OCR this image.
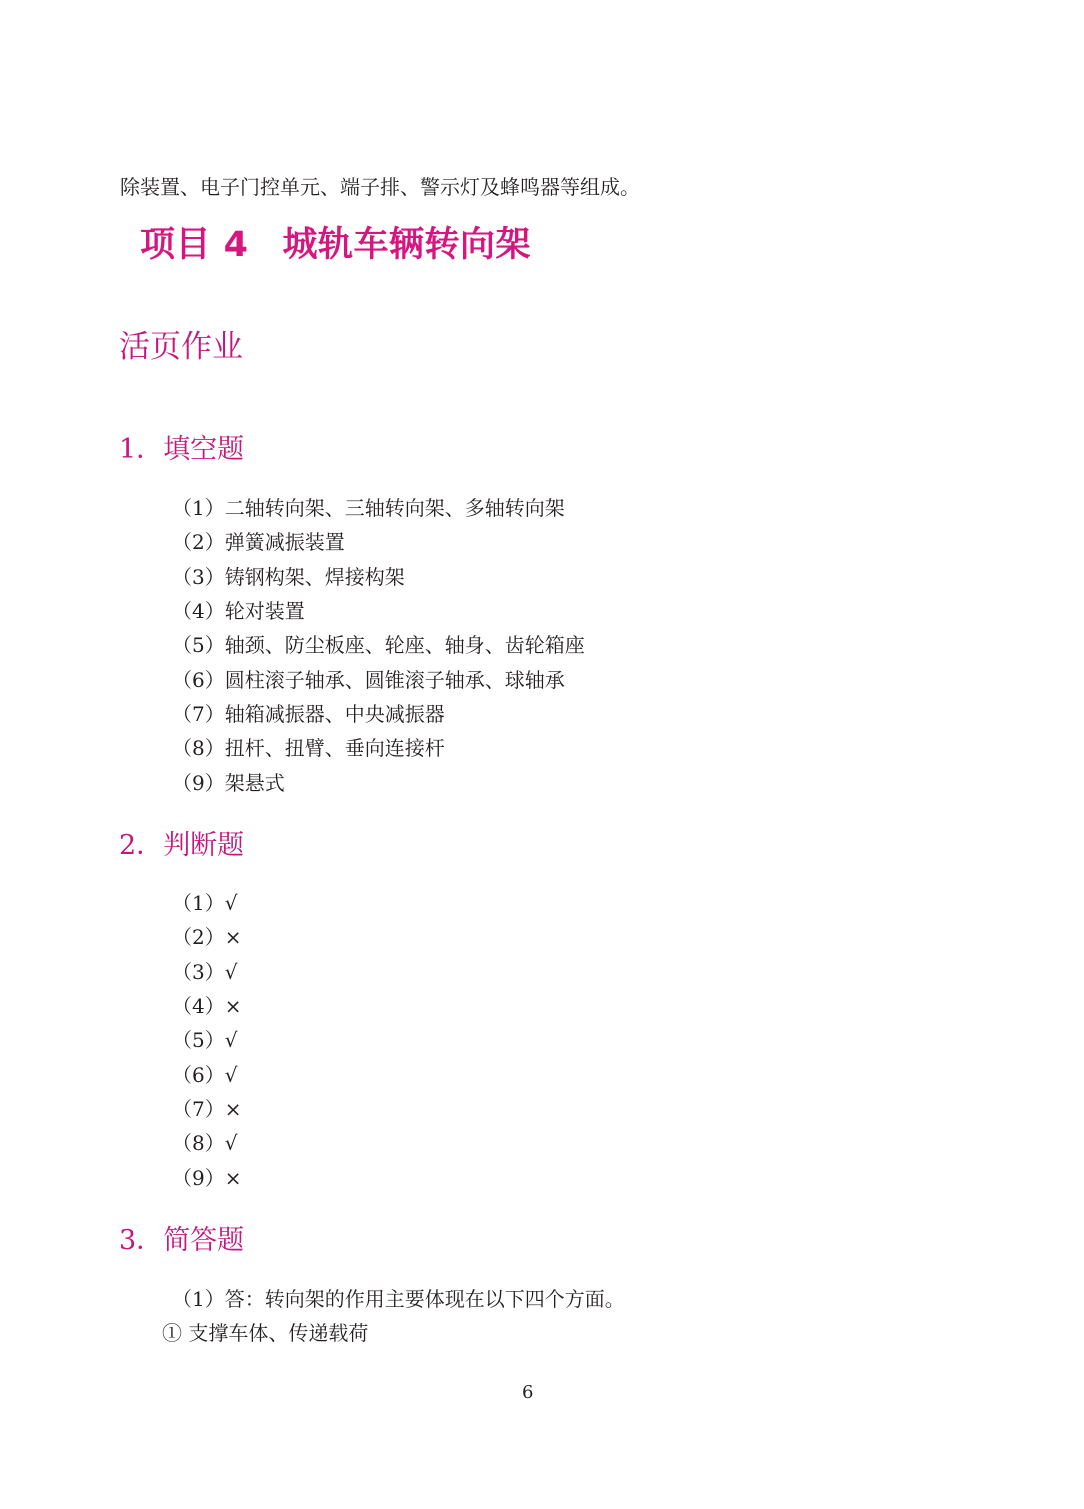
除装置、电子门控单元、端子排、警示灯及蜂鸣器等组成。
项目 4 城轨车辆转向架
活页作业
1．填空题
（1）二轴转向架、三轴转向架、多轴转向架
（2）弹簧减振装置
（3）铸钢构架、焊接构架
（4）轮对装置
（5）轴颈、防尘板座、轮座、轴身、齿轮箱座
（6）圆柱滚子轴承、圆锥滚子轴承、球轴承
（7）轴箱减振器、中央减振器
（8）扭杆、扭臂、垂向连接杆
（9）架悬式
2．判断题
（1）√
（2）×
（3）√
（4）×
（5）√
（6）√
（7）×
（8）√
（9）×
3．简答题
（1）答：转向架的作用主要体现在以下四个方面。
① 支撑车体、传递载荷
6
